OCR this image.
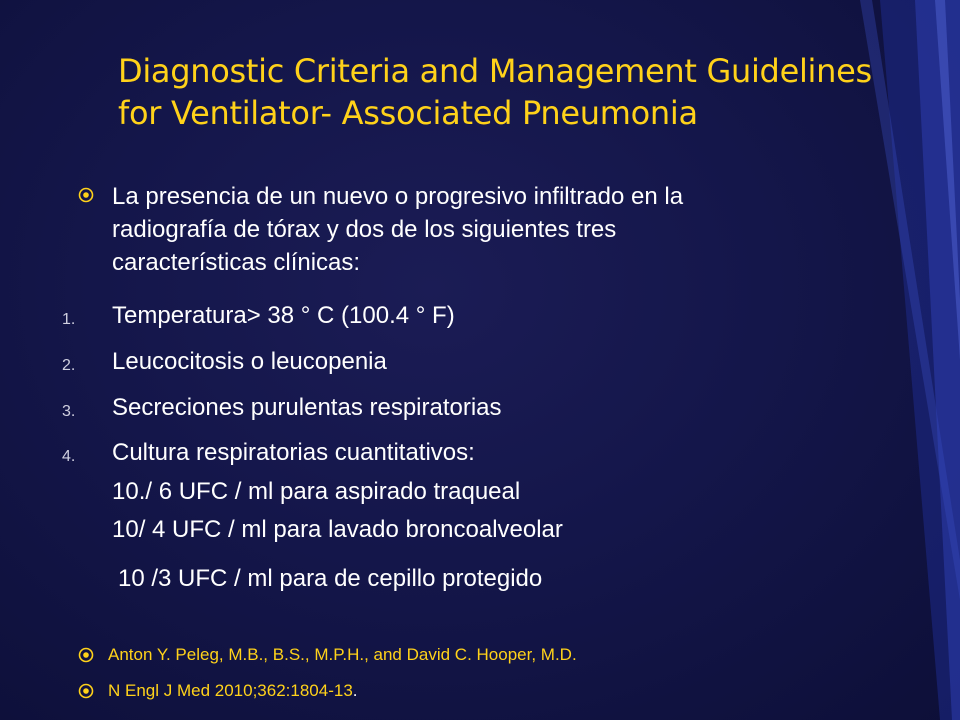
Diagnostic Criteria and Management Guidelines
for Ventilator- Associated Pneumonia
La presencia de un nuevo o progresivo infiltrado en la
radiografía de tórax y dos de los siguientes tres
características clínicas:
1. Temperatura> 38 ° C (100.4 ° F)
2. Leucocitosis o leucopenia
3. Secreciones purulentas respiratorias
4. Cultura respiratorias cuantitativos:
10./ 6 UFC / ml para aspirado traqueal
10/ 4 UFC / ml para lavado broncoalveolar
10 /3 UFC / ml para de cepillo protegido
Anton Y. Peleg, M.B., B.S., M.P.H., and David C. Hooper, M.D.
N Engl J Med 2010;362:1804-13.
